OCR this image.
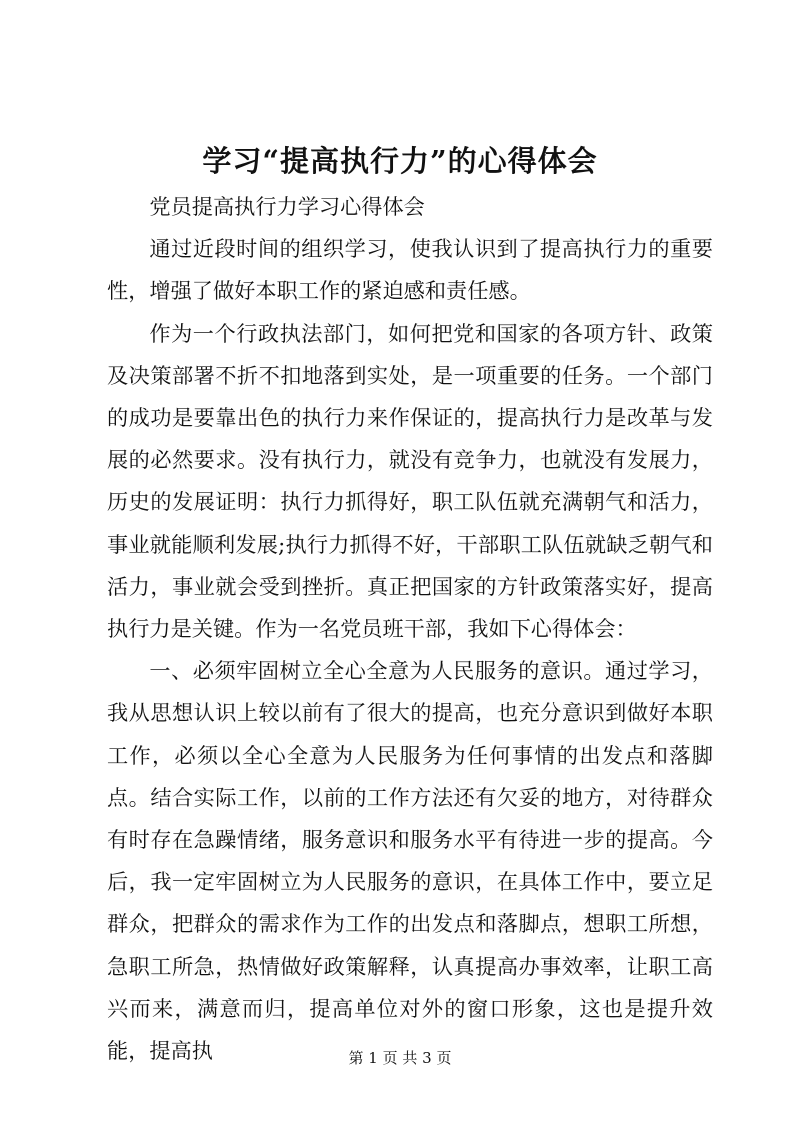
学习“提高执行力”的心得体会

党员提高执行力学习心得体会

通过近段时间的组织学习，使我认识到了提高执行力的重要性，增强了做好本职工作的紧迫感和责任感。

作为一个行政执法部门，如何把党和国家的各项方针、政策及决策部署不折不扣地落到实处，是一项重要的任务。一个部门的成功是要靠出色的执行力来作保证的，提高执行力是改革与发展的必然要求。没有执行力，就没有竞争力，也就没有发展力，历史的发展证明：执行力抓得好，职工队伍就充满朝气和活力，事业就能顺利发展;执行力抓得不好，干部职工队伍就缺乏朝气和活力，事业就会受到挫折。真正把国家的方针政策落实好，提高执行力是关键。作为一名党员班干部，我如下心得体会：

一、必须牢固树立全心全意为人民服务的意识。通过学习，我从思想认识上较以前有了很大的提高，也充分意识到做好本职工作，必须以全心全意为人民服务为任何事情的出发点和落脚点。结合实际工作，以前的工作方法还有欠妥的地方，对待群众有时存在急躁情绪，服务意识和服务水平有待进一步的提高。今后，我一定牢固树立为人民服务的意识，在具体工作中，要立足群众，把群众的需求作为工作的出发点和落脚点，想职工所想，急职工所急，热情做好政策解释，认真提高办事效率，让职工高兴而来，满意而归，提高单位对外的窗口形象，这也是提升效能，提高执	第 1 页 共 3 页
